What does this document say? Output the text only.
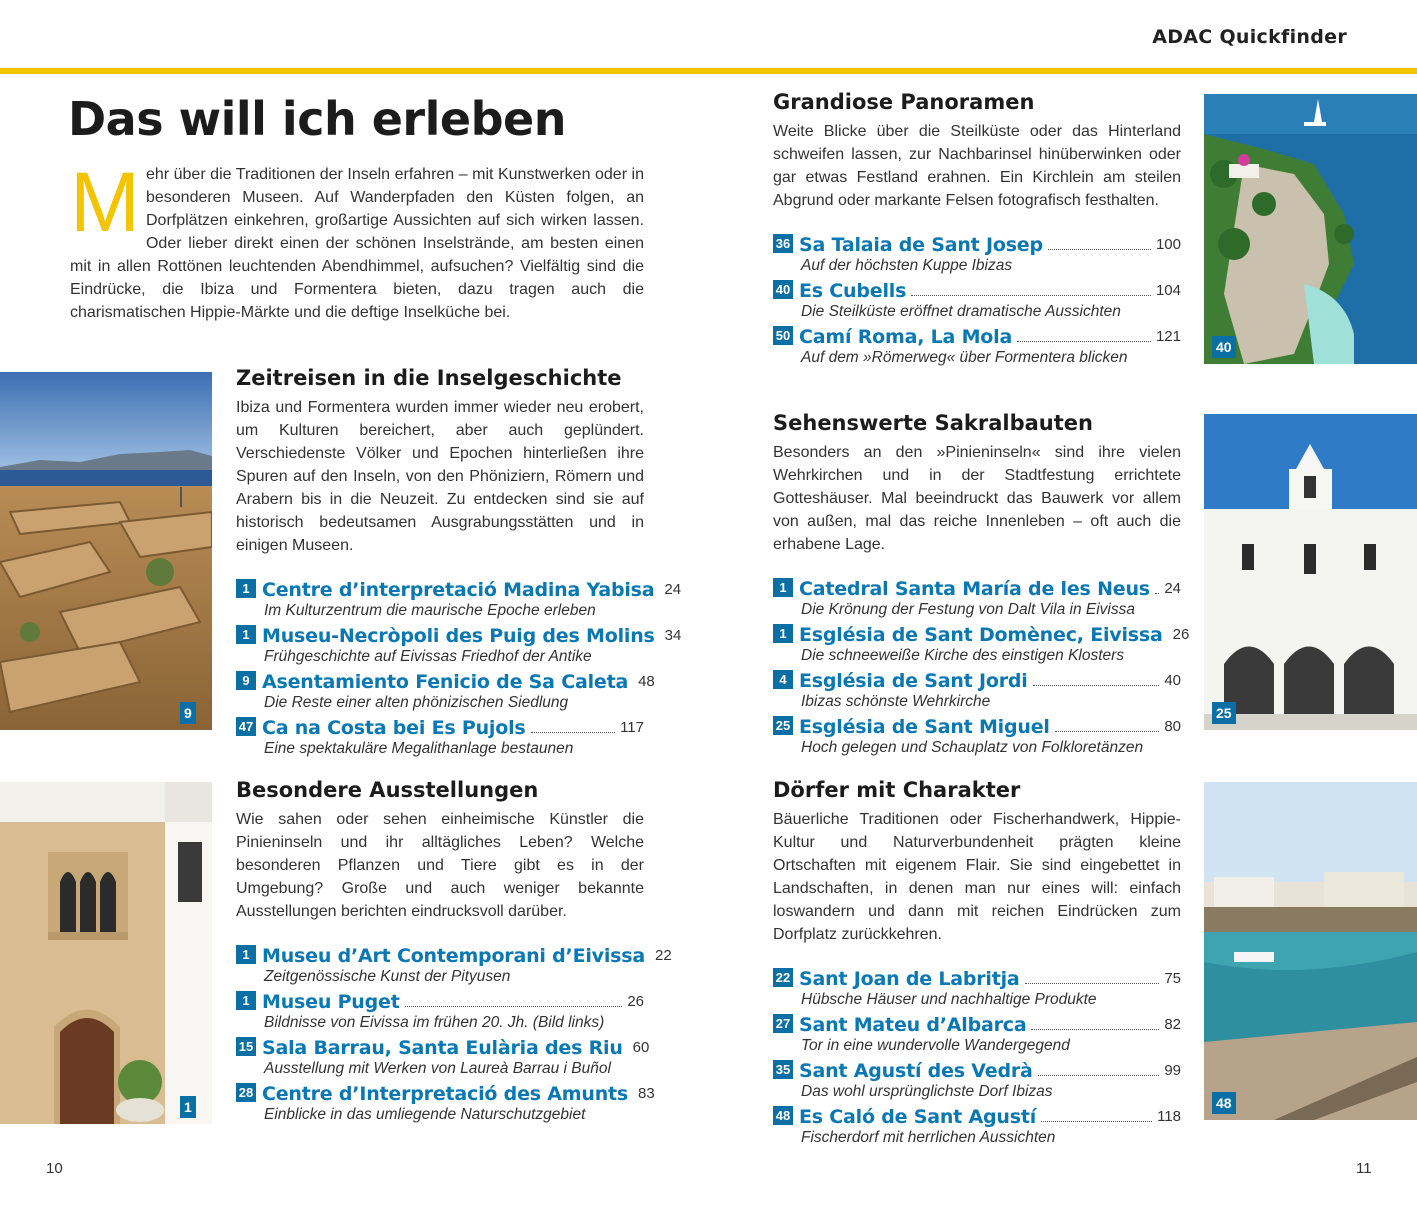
ADAC Quickfinder
Das will ich erleben
Mehr über die Traditionen der Inseln erfahren – mit Kunstwerken oder in besonderen Museen. Auf Wanderpfaden den Küsten folgen, an Dorfplätzen einkehren, großartige Aussichten auf sich wirken lassen. Oder lieber direkt einen der schönen Inselstrände, am besten einen mit in allen Rottönen leuchtenden Abendhimmel, aufsuchen? Vielfältig sind die Eindrücke, die Ibiza und Formentera bieten, dazu tragen auch die charismatischen Hippie-Märkte und die deftige Inselküche bei.
9
1
40
25
48
Zeitreisen in die Inselgeschichte

Ibiza und Formentera wurden immer wieder neu erobert, um Kulturen bereichert, aber auch geplündert. Verschiedenste Völker und Epochen hinterließen ihre Spuren auf den Inseln, von den Phöniziern, Römern und Arabern bis in die Neuzeit. Zu entdecken sind sie auf historisch bedeutsamen Ausgrabungsstätten und in einigen Museen.

1 Centre d’interpretació Madina Yabisa 24
Im Kulturzentrum die maurische Epoche erleben
1 Museu-Necròpoli des Puig des Molins 34
Frühgeschichte auf Eivissas Friedhof der Antike
9 Asentamiento Fenicio de Sa Caleta 48
Die Reste einer alten phönizischen Siedlung
47 Ca na Costa bei Es Pujols	117
Eine spektakuläre Megalithanlage bestaunen
Besondere Ausstellungen

Wie sahen oder sehen einheimische Künstler die Pinieninseln und ihr alltägliches Leben? Welche besonderen Pflanzen und Tiere gibt es in der Umgebung? Große und auch weniger bekannte Ausstellungen berichten eindrucksvoll darüber.

1 Museu d’Art Contemporani d’Eivissa 22
Zeitgenössische Kunst der Pityusen
1 Museu Puget	26
Bildnisse von Eivissa im frühen 20. Jh. (Bild links)
15 Sala Barrau, Santa Eulària des Riu 60
Ausstellung mit Werken von Laureà Barrau i Buñol
28 Centre d’Interpretació des Amunts 83
Einblicke in das umliegende Naturschutzgebiet
Grandiose Panoramen

Weite Blicke über die Steilküste oder das Hinterland schweifen lassen, zur Nachbarinsel hinüberwinken oder gar etwas Festland erahnen. Ein Kirchlein am steilen Abgrund oder markante Felsen fotografisch festhalten.

36 Sa Talaia de Sant Josep	100
Auf der höchsten Kuppe Ibizas
40 Es Cubells	104
Die Steilküste eröffnet dramatische Aussichten
50 Camí Roma, La Mola	121
Auf dem »Römerweg« über Formentera blicken
Sehenswerte Sakralbauten

Besonders an den »Pinieninseln« sind ihre vielen Wehrkirchen und in der Stadtfestung errichtete Gotteshäuser. Mal beeindruckt das Bauwerk vor allem von außen, mal das reiche Innenleben – oft auch die erhabene Lage.

1 Catedral Santa María de les Neus 24
Die Krönung der Festung von Dalt Vila in Eivissa
1 Església de Sant Domènec, Eivissa 26
Die schneeweiße Kirche des einstigen Klosters
4 Església de Sant Jordi	40
Ibizas schönste Wehrkirche
25 Església de Sant Miguel	80
Hoch gelegen und Schauplatz von Folkloretänzen
Dörfer mit Charakter

Bäuerliche Traditionen oder Fischerhandwerk, Hippie-Kultur und Naturverbundenheit prägten kleine Ortschaften mit eigenem Flair. Sie sind eingebettet in Landschaften, in denen man nur eines will: einfach loswandern und dann mit reichen Eindrücken zum Dorfplatz zurückkehren.

22 Sant Joan de Labritja	75
Hübsche Häuser und nachhaltige Produkte
27 Sant Mateu d’Albarca	82
Tor in eine wundervolle Wandergegend
35 Sant Agustí des Vedrà	99
Das wohl ursprünglichste Dorf Ibizas
48 Es Caló de Sant Agustí	118
Fischerdorf mit herrlichen Aussichten
10	11
